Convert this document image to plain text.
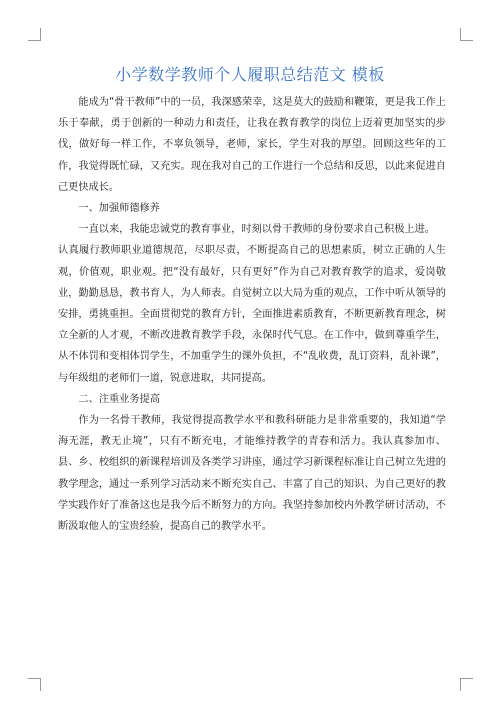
小学数学教师个人履职总结范文 模板

能成为“骨干教师”中的一员，我深感荣幸，这是莫大的鼓励和鞭策，更是我工作上乐于奉献，勇于创新的一种动力和责任，让我在教育教学的岗位上迈着更加坚实的步伐，做好每一样工作，不辜负领导，老师，家长，学生对我的厚望。回顾这些年的工作，我觉得既忙碌，又充实。现在我对自己的工作进行一个总结和反思，以此来促进自己更快成长。

一、加强师德修养

一直以来，我能忠诚党的教育事业，时刻以骨干教师的身份要求自己积极上进。

认真履行教师职业道德规范，尽职尽责，不断提高自己的思想素质，树立正确的人生观，价值观，职业观。把“没有最好，只有更好”作为自己对教育教学的追求，爱岗敬业，勤勤恳恳，教书育人，为人师表。自觉树立以大局为重的观点，工作中听从领导的安排，勇挑重担。全面贯彻党的教育方针，全面推进素质教育，不断更新教育理念，树立全新的人才观，不断改进教育教学手段，永保时代气息。在工作中，做到尊重学生，从不体罚和变相体罚学生，不加重学生的课外负担，不“乱收费，乱订资料，乱补课”，与年级组的老师们一道，锐意进取，共同提高。

二、注重业务提高

作为一名骨干教师，我觉得提高教学水平和教科研能力是非常重要的，我知道“学海无涯，教无止境”，只有不断充电，才能维持教学的青春和活力。我认真参加市、县、乡、校组织的新课程培训及各类学习讲座，通过学习新课程标准让自己树立先进的教学理念，通过一系列学习活动来不断充实自己、丰富了自己的知识、为自己更好的教学实践作好了准备这也是我今后不断努力的方向。我坚持参加校内外教学研讨活动，不断汲取他人的宝贵经验，提高自己的教学水平。
